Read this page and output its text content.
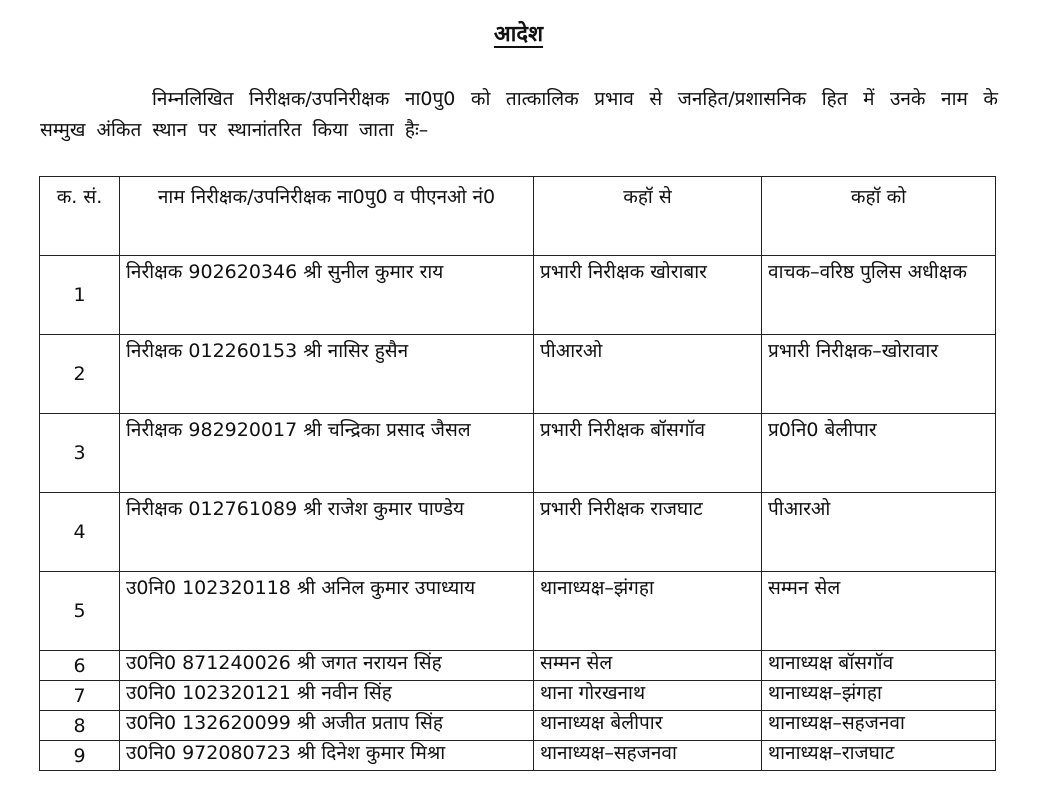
आदेश
निम्नलिखित निरीक्षक/उपनिरीक्षक ना0पु0 को तात्कालिक प्रभाव से जनहित/प्रशासनिक हित में उनके नाम के सम्मुख अंकित स्थान पर स्थानांतरित किया जाता हैः–
क. सं.	नाम निरीक्षक/उपनिरीक्षक ना0पु0 व पीएनओ नं0	कहॉ से	कहॉ को
1	निरीक्षक 902620346 श्री सुनील कुमार राय	प्रभारी निरीक्षक खोराबार	वाचक–वरिष्ठ पुलिस अधीक्षक
2	निरीक्षक 012260153 श्री नासिर हुसैन	पीआरओ	प्रभारी निरीक्षक–खोरावार
3	निरीक्षक 982920017 श्री चन्द्रिका प्रसाद जैसल	प्रभारी निरीक्षक बॉसगॉव	प्र0नि0 बेलीपार
4	निरीक्षक 012761089 श्री राजेश कुमार पाण्डेय	प्रभारी निरीक्षक राजघाट	पीआरओ
5	उ0नि0 102320118 श्री अनिल कुमार उपाध्याय	थानाध्यक्ष–झंगहा	सम्मन सेल
6	उ0नि0 871240026 श्री जगत नरायन सिंह	सम्मन सेल	थानाध्यक्ष बॉसगॉव
7	उ0नि0 102320121 श्री नवीन सिंह	थाना गोरखनाथ	थानाध्यक्ष–झंगहा
8	उ0नि0 132620099 श्री अजीत प्रताप सिंह	थानाध्यक्ष बेलीपार	थानाध्यक्ष–सहजनवा
9	उ0नि0 972080723 श्री दिनेश कुमार मिश्रा	थानाध्यक्ष–सहजनवा	थानाध्यक्ष–राजघाट
